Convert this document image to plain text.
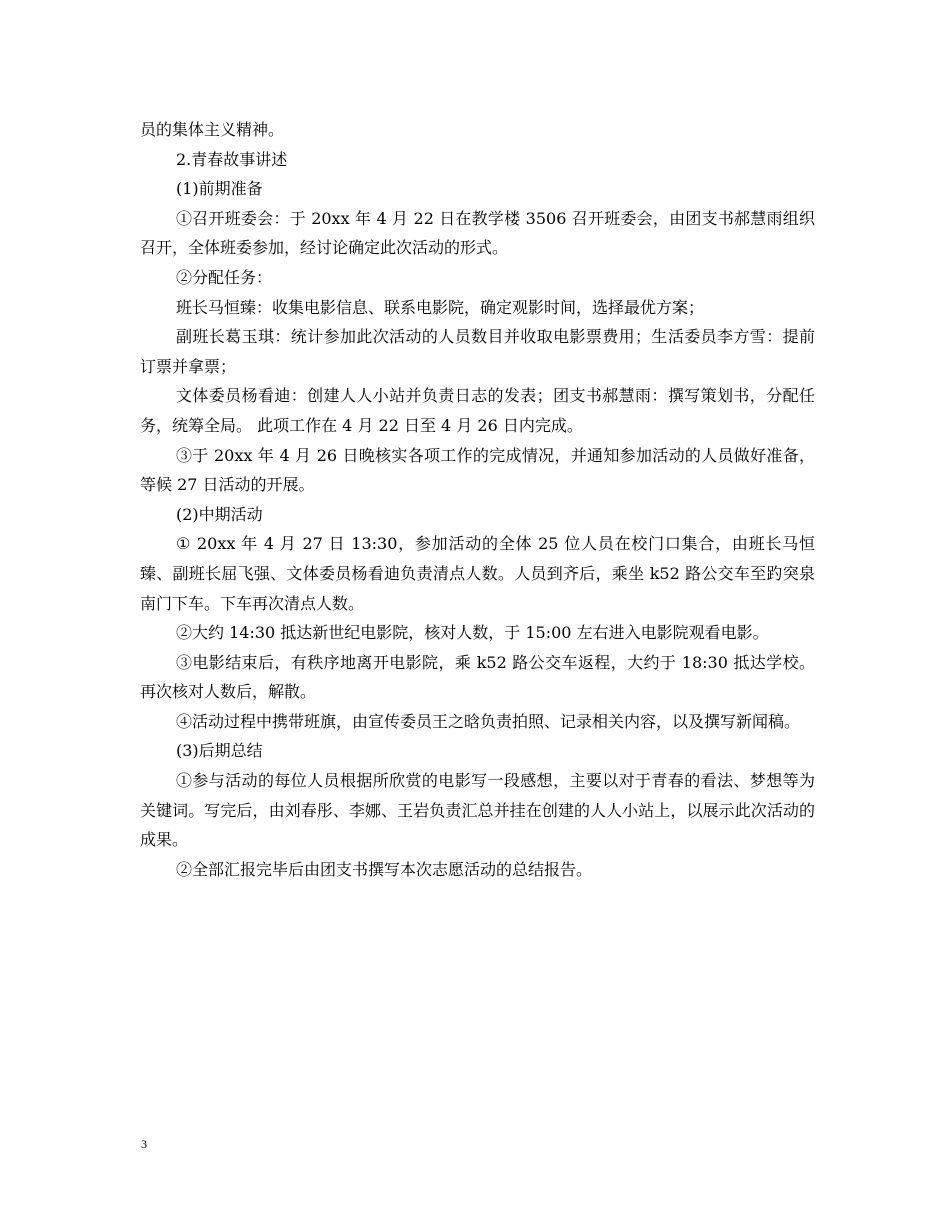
员的集体主义精神。

2.青春故事讲述

(1)前期准备

①召开班委会：于 20xx 年 4 月 22 日在教学楼 3506 召开班委会，由团支书郝慧雨组织召开，全体班委参加，经讨论确定此次活动的形式。

②分配任务：

班长马恒臻：收集电影信息、联系电影院，确定观影时间，选择最优方案；

副班长葛玉琪：统计参加此次活动的人员数目并收取电影票费用；生活委员李方雪：提前订票并拿票；

文体委员杨看迪：创建人人小站并负责日志的发表；团支书郝慧雨：撰写策划书，分配任务，统筹全局。 此项工作在 4 月 22 日至 4 月 26 日内完成。

③于 20xx 年 4 月 26 日晚核实各项工作的完成情况，并通知参加活动的人员做好准备，等候 27 日活动的开展。

(2)中期活动

① 20xx 年 4 月 27 日 13:30，参加活动的全体 25 位人员在校门口集合，由班长马恒臻、副班长屈飞强、文体委员杨看迪负责清点人数。人员到齐后，乘坐 k52 路公交车至趵突泉南门下车。下车再次清点人数。

②大约 14:30 抵达新世纪电影院，核对人数，于 15:00 左右进入电影院观看电影。

③电影结束后，有秩序地离开电影院，乘 k52 路公交车返程，大约于 18:30 抵达学校。再次核对人数后，解散。

④活动过程中携带班旗，由宣传委员王之晗负责拍照、记录相关内容，以及撰写新闻稿。

(3)后期总结

①参与活动的每位人员根据所欣赏的电影写一段感想，主要以对于青春的看法、梦想等为关键词。写完后，由刘春彤、李娜、王岩负责汇总并挂在创建的人人小站上，以展示此次活动的成果。

②全部汇报完毕后由团支书撰写本次志愿活动的总结报告。

3
